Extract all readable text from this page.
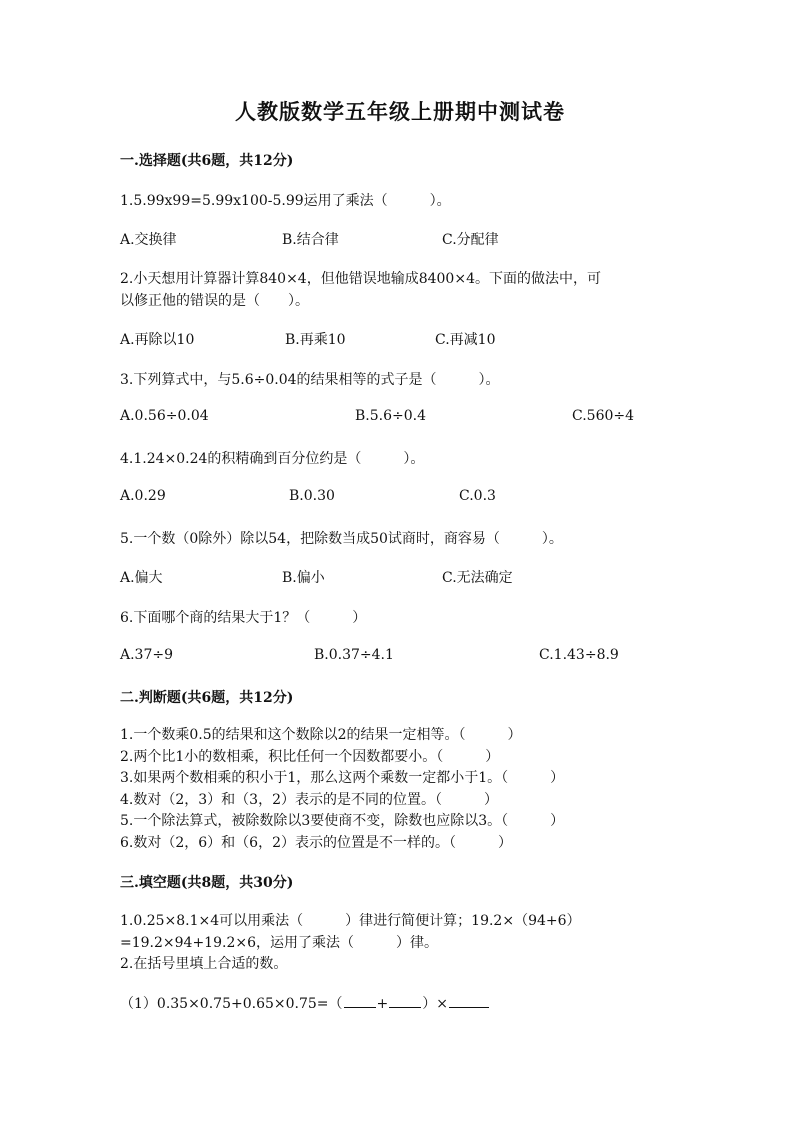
人教版数学五年级上册期中测试卷
一.选择题(共6题，共12分)
1.5.99x99=5.99x100-5.99运用了乘法（　　　）。
A.交换律	B.结合律	C.分配律
2.小天想用计算器计算840×4，但他错误地输成8400×4。下面的做法中，可
以修正他的错误的是（　　）。
A.再除以10	B.再乘10	C.再减10
3.下列算式中，与5.6÷0.04的结果相等的式子是（　　　）。
A.0.56÷0.04	B.5.6÷0.4	C.560÷4
4.1.24×0.24的积精确到百分位约是（　　　）。
A.0.29	B.0.30	C.0.3
5.一个数（0除外）除以54，把除数当成50试商时，商容易（　　　）。
A.偏大	B.偏小	C.无法确定
6.下面哪个商的结果大于1？（　　　）
A.37÷9	B.0.37÷4.1	C.1.43÷8.9
二.判断题(共6题，共12分)
1.一个数乘0.5的结果和这个数除以2的结果一定相等。（　　　）
2.两个比1小的数相乘，积比任何一个因数都要小。（　　　）
3.如果两个数相乘的积小于1，那么这两个乘数一定都小于1。（　　　）
4.数对（2，3）和（3，2）表示的是不同的位置。（　　　）
5.一个除法算式，被除数除以3要使商不变，除数也应除以3。（　　　）
6.数对（2，6）和（6，2）表示的位置是不一样的。（　　　）
三.填空题(共8题，共30分)
1.0.25×8.1×4可以用乘法（　　　）律进行简便计算；19.2×（94+6）
=19.2×94+19.2×6，运用了乘法（　　　）律。
2.在括号里填上合适的数。
（1）0.35×0.75+0.65×0.75=（ + ）×
